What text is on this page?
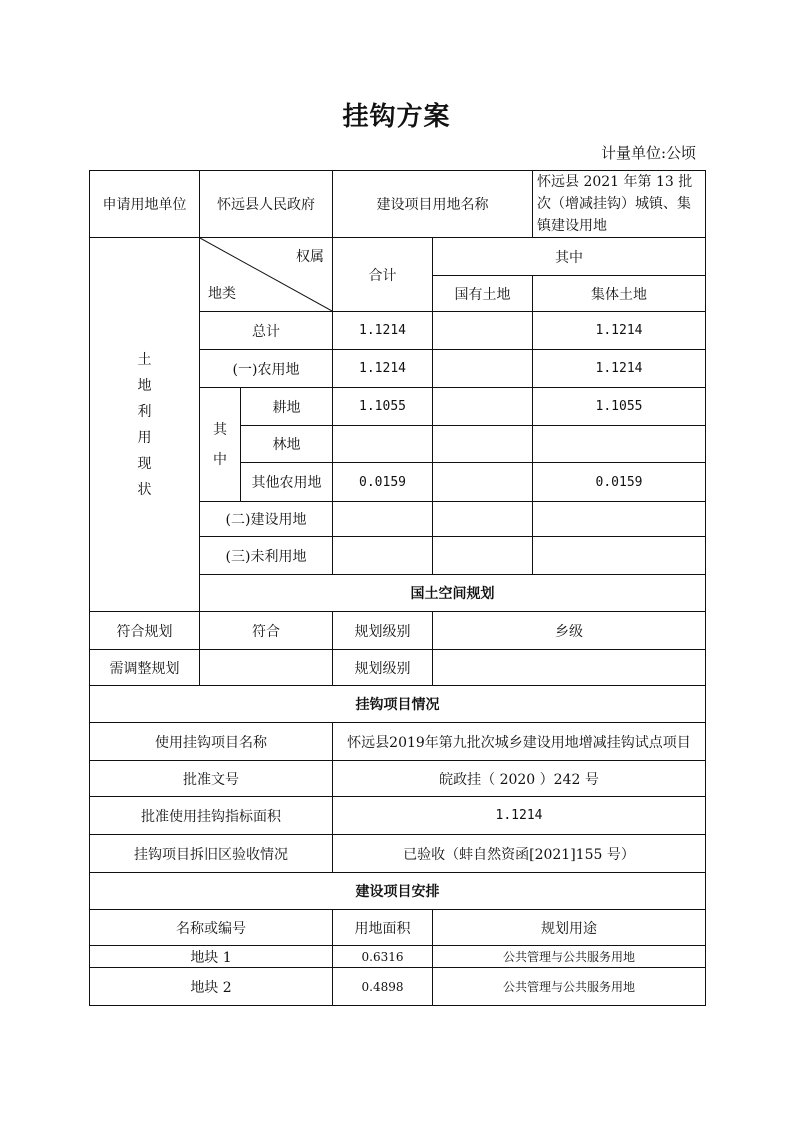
挂钩方案
计量单位:公顷
申请用地单位	怀远县人民政府		建设项目用地名称		怀远县 2021 年第 13 批次（增减挂钩）城镇、集镇建设用地
土地利用现状	权属
地类		合计	其中	
				国有土地	集体土地
	总计		1.1214		1.1214
	(一)农用地		1.1214		1.1214
	其中	耕地	1.1055		1.1055
		林地			
		其他农用地	0.0159		0.0159
	(二)建设用地				
	(三)未利用地				
	国土空间规划				
符合规划	符合		规划级别	乡级	
需调整规划			规划级别		
挂钩项目情况					
使用挂钩项目名称			怀远县2019年第九批次城乡建设用地增减挂钩试点项目		
批准文号			皖政挂（ 2020 ）242 号		
批准使用挂钩指标面积			1.1214		
挂钩项目拆旧区验收情况			已验收（蚌自然资函[2021]155 号）		
建设项目安排					
名称或编号			用地面积	规划用途	
地块 1			0.6316	公共管理与公共服务用地	
地块 2			0.4898	公共管理与公共服务用地	
